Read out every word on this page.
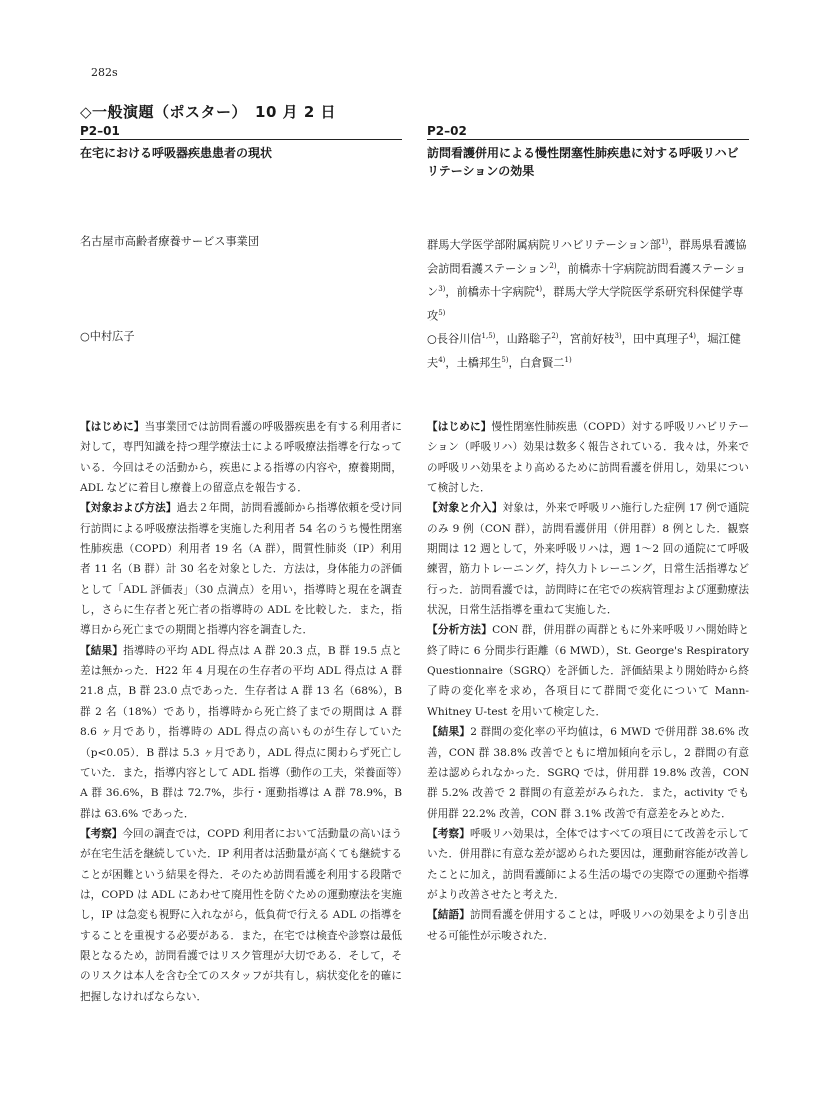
282s
◇一般演題（ポスター）　10 月 2 日
P2–01
在宅における呼吸器疾患患者の現状
名古屋市高齢者療養サービス事業団
○中村広子
P2–02
訪問看護併用による慢性閉塞性肺疾患に対する呼吸リハビリテーションの効果
群馬大学医学部附属病院リハビリテーション部$^{1)}$，群馬県看護協会訪問看護ステーション$^{2)}$，前橋赤十字病院訪問看護ステーション$^{3)}$，前橋赤十字病院$^{4)}$，群馬大学大学院医学系研究科保健学専攻$^{5)}$
○長谷川信$^{1,5)}$，山路聡子$^{2)}$，宮前好枝$^{3)}$，田中真理子$^{4)}$，堀江健夫$^{4)}$，土橋邦生$^{5)}$，白倉賢二$^{1)}$

【はじめに】当事業団では訪問看護の呼吸器疾患を有する利用者に対して，専門知識を持つ理学療法士による呼吸療法指導を行なっている．今回はその活動から，疾患による指導の内容や，療養期間，ADL などに着目し療養上の留意点を報告する．

【対象および方法】過去２年間，訪問看護師から指導依頼を受け同行訪問による呼吸療法指導を実施した利用者 54 名のうち慢性閉塞性肺疾患（COPD）利用者 19 名（A 群），間質性肺炎（IP）利用者 11 名（B 群）計 30 名を対象とした．方法は，身体能力の評価として「ADL 評価表」（30 点満点）を用い，指導時と現在を調査し，さらに生存者と死亡者の指導時の ADL を比較した．また，指導日から死亡までの期間と指導内容を調査した．

【結果】指導時の平均 ADL 得点は A 群 20.3 点，B 群 19.5 点と差は無かった．H22 年 4 月現在の生存者の平均 ADL 得点は A 群 21.8 点，B 群 23.0 点であった．生存者は A 群 13 名（68%），B 群 2 名（18%）であり，指導時から死亡終了までの期間は A 群 8.6 ヶ月であり，指導時の ADL 得点の高いものが生存していた（p<0.05）．B 群は 5.3 ヶ月であり，ADL 得点に関わらず死亡していた．また，指導内容として ADL 指導（動作の工夫，栄養面等）A 群 36.6%，B 群は 72.7%，歩行・運動指導は A 群 78.9%，B 群は 63.6% であった．

【考察】今回の調査では，COPD 利用者において活動量の高いほうが在宅生活を継続していた．IP 利用者は活動量が高くても継続することが困難という結果を得た．そのため訪問看護を利用する段階では，COPD は ADL にあわせて廃用性を防ぐための運動療法を実施し，IP は急変も視野に入れながら，低負荷で行える ADL の指導をすることを重視する必要がある．また，在宅では検査や診察は最低限となるため，訪問看護ではリスク管理が大切である．そして，そのリスクは本人を含む全てのスタッフが共有し，病状変化を的確に把握しなければならない．

【はじめに】慢性閉塞性肺疾患（COPD）対する呼吸リハビリテーション（呼吸リハ）効果は数多く報告されている．我々は，外来での呼吸リハ効果をより高めるために訪問看護を併用し，効果について検討した．

【対象と介入】対象は，外来で呼吸リハ施行した症例 17 例で通院のみ 9 例（CON 群），訪問看護併用（併用群）8 例とした．観察期間は 12 週として，外来呼吸リハは，週 1～2 回の通院にて呼吸練習，筋力トレーニング，持久力トレーニング，日常生活指導など行った．訪問看護では，訪問時に在宅での疾病管理および運動療法状況，日常生活指導を重ねて実施した．

【分析方法】CON 群，併用群の両群ともに外来呼吸リハ開始時と終了時に 6 分間歩行距離（6 MWD），St. George's Respiratory Questionnaire（SGRQ）を評価した．評価結果より開始時から終了時の変化率を求め，各項目にて群間で変化について Mann-Whitney U-test を用いて検定した．

【結果】2 群間の変化率の平均値は，6 MWD で併用群 38.6% 改善，CON 群 38.8% 改善でともに増加傾向を示し，2 群間の有意差は認められなかった．SGRQ では，併用群 19.8% 改善，CON 群 5.2% 改善で 2 群間の有意差がみられた．また，activity でも併用群 22.2% 改善，CON 群 3.1% 改善で有意差をみとめた．

【考察】呼吸リハ効果は，全体ではすべての項目にて改善を示していた．併用群に有意な差が認められた要因は，運動耐容能が改善したことに加え，訪問看護師による生活の場での実際での運動や指導がより改善させたと考えた．

【結語】訪問看護を併用することは，呼吸リハの効果をより引き出せる可能性が示唆された．
